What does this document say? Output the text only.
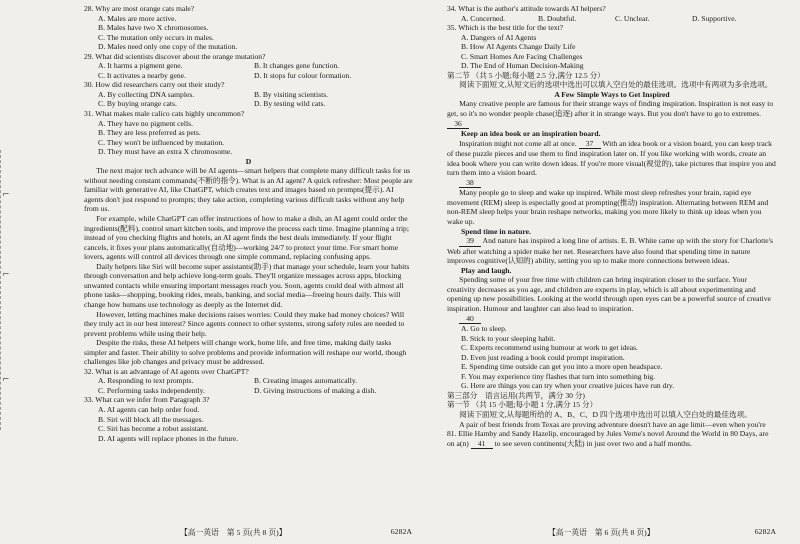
⌐
⌐
⌐

28. Why are most orange cats male?

A. Males are more active.

B. Males have two X chromosomes.

C. The mutation only occurs in males.

D. Males need only one copy of the mutation.

29. What did scientists discover about the orange mutation?

A. It harms a pigment gene.	B. It changes gene function.
C. It activates a nearby gene.	D. It stops fur colour formation.

30. How did researchers carry out their study?

A. By collecting DNA samples.	B. By visiting scientists.
C. By buying orange cats.	D. By testing wild cats.

31. What makes male calico cats highly uncommon?

A. They have no pigment cells.

B. They are less preferred as pets.

C. They won't be influenced by mutation.

D. They must have an extra X chromosome.

D

The next major tech advance will be AI agents—smart helpers that complete many difficult tasks for us without needing constant commands(不断的指令). What is an AI agent? A quick refresher: Most people are familiar with generative AI, like ChatGPT, which creates text and images based on prompts(提示). AI agents don't just respond to prompts; they take action, completing various difficult tasks without any help from us.

For example, while ChatGPT can offer instructions of how to make a dish, an AI agent could order the ingredients(配料), control smart kitchen tools, and improve the process each time. Imagine planning a trip; instead of you checking flights and hotels, an AI agent finds the best deals immediately. If your flight cancels, it fixes your plans automatically(自动地)—working 24/7 to protect your time. For smart home lovers, agents will control all devices through one simple command, replacing confusing apps.

Daily helpers like Siri will become super assistants(助手) that manage your schedule, learn your habits through conversation and help achieve long-term goals. They'll organize messages across apps, blocking unwanted contacts while ensuring important messages reach you. Soon, agents could deal with almost all phone tasks—shopping, booking rides, meals, banking, and social media—freeing hours daily. This will change how humans use technology as deeply as the Internet did.

However, letting machines make decisions raises worries: Could they make bad money choices? Will they truly act in our best interest? Since agents connect to other systems, strong safety rules are needed to prevent problems while using their help.

Despite the risks, these AI helpers will change work, home life, and free time, making daily tasks simpler and faster. Their ability to solve problems and provide information will reshape our world, though challenges like job changes and privacy must be addressed.

32. What is an advantage of AI agents over ChatGPT?

A. Responding to text prompts.	B. Creating images automatically.
C. Performing tasks independently.	D. Giving instructions of making a dish.

33. What can we infer from Paragraph 3?

A. AI agents can help order food.

B. Siri will block all the messages.

C. Siri has become a robot assistant.

D. AI agents will replace phones in the future.

34. What is the author's attitude towards AI helpers?

A. Concerned.	B. Doubtful.	C. Unclear.	D. Supportive.

35. Which is the best title for the text?

A. Dangers of AI Agents

B. How AI Agents Change Daily Life

C. Smart Homes Are Facing Challenges

D. The End of Human Decision-Making

第二节 （共 5 小题;每小题 2.5 分,满分 12.5 分）

阅读下面短文,从短文后的选项中选出可以填入空白处的最佳选项。选项中有两项为多余选项。

A Few Simple Ways to Get Inspired

Many creative people are famous for their strange ways of finding inspiration. Inspiration is not easy to get, so it's no wonder people chase(追逐) after it in strange ways. But you don't have to go to extremes. 36

Keep an idea book or an inspiration board.

Inspiration might not come all at once. 37 With an idea book or a vision board, you can keep track of these puzzle pieces and use them to find inspiration later on. If you like working with words, create an idea book where you can write down ideas. If you're more visual(视觉的), take pictures that inspire you and turn them into a vision board.

38

Many people go to sleep and wake up inspired. While most sleep refreshes your brain, rapid eye movement (REM) sleep is especially good at prompting(推动) inspiration. Alternating between REM and non-REM sleep helps your brain reshape networks, making you more likely to think up ideas when you wake up.

Spend time in nature.

39 And nature has inspired a long line of artists. E. B. White came up with the story for Charlotte's Web after watching a spider make her net. Researchers have also found that spending time in nature improves cognitive(认知的) ability, setting you up to make more connections between ideas.

Play and laugh.

Spending some of your free time with children can bring inspiration closer to the surface. Your creativity decreases as you age, and children are experts in play, which is all about experimenting and opening up new possibilities. Looking at the world through open eyes can be a powerful source of creative inspiration. Humour and laughter can also lead to inspiration.

40

A. Go to sleep.

B. Stick to your sleeping habit.

C. Experts recommend using humour at work to get ideas.

D. Even just reading a book could prompt inspiration.

E. Spending time outside can get you into a more open headspace.

F. You may experience tiny flashes that turn into something big.

G. Here are things you can try when your creative juices have run dry.

第三部分　语言运用(共两节，满分 30 分)

第一节 （共 15 小题;每小题 1 分,满分 15 分）

阅读下面短文,从每题所给的 A、B、C、D 四个选项中选出可以填入空白处的最佳选项。

A pair of best friends from Texas are proving adventure doesn't have an age limit—even when you're 81. Ellie Hamby and Sandy Hazelip, encouraged by Jules Verne's novel Around the World in 80 Days, are on a(n) 41 to see seven continents(大陆) in just over two and a half months.

【高一英语　第 5 页(共 8 页)】	6282A	【高一英语　第 6 页(共 8 页)】	6282A
